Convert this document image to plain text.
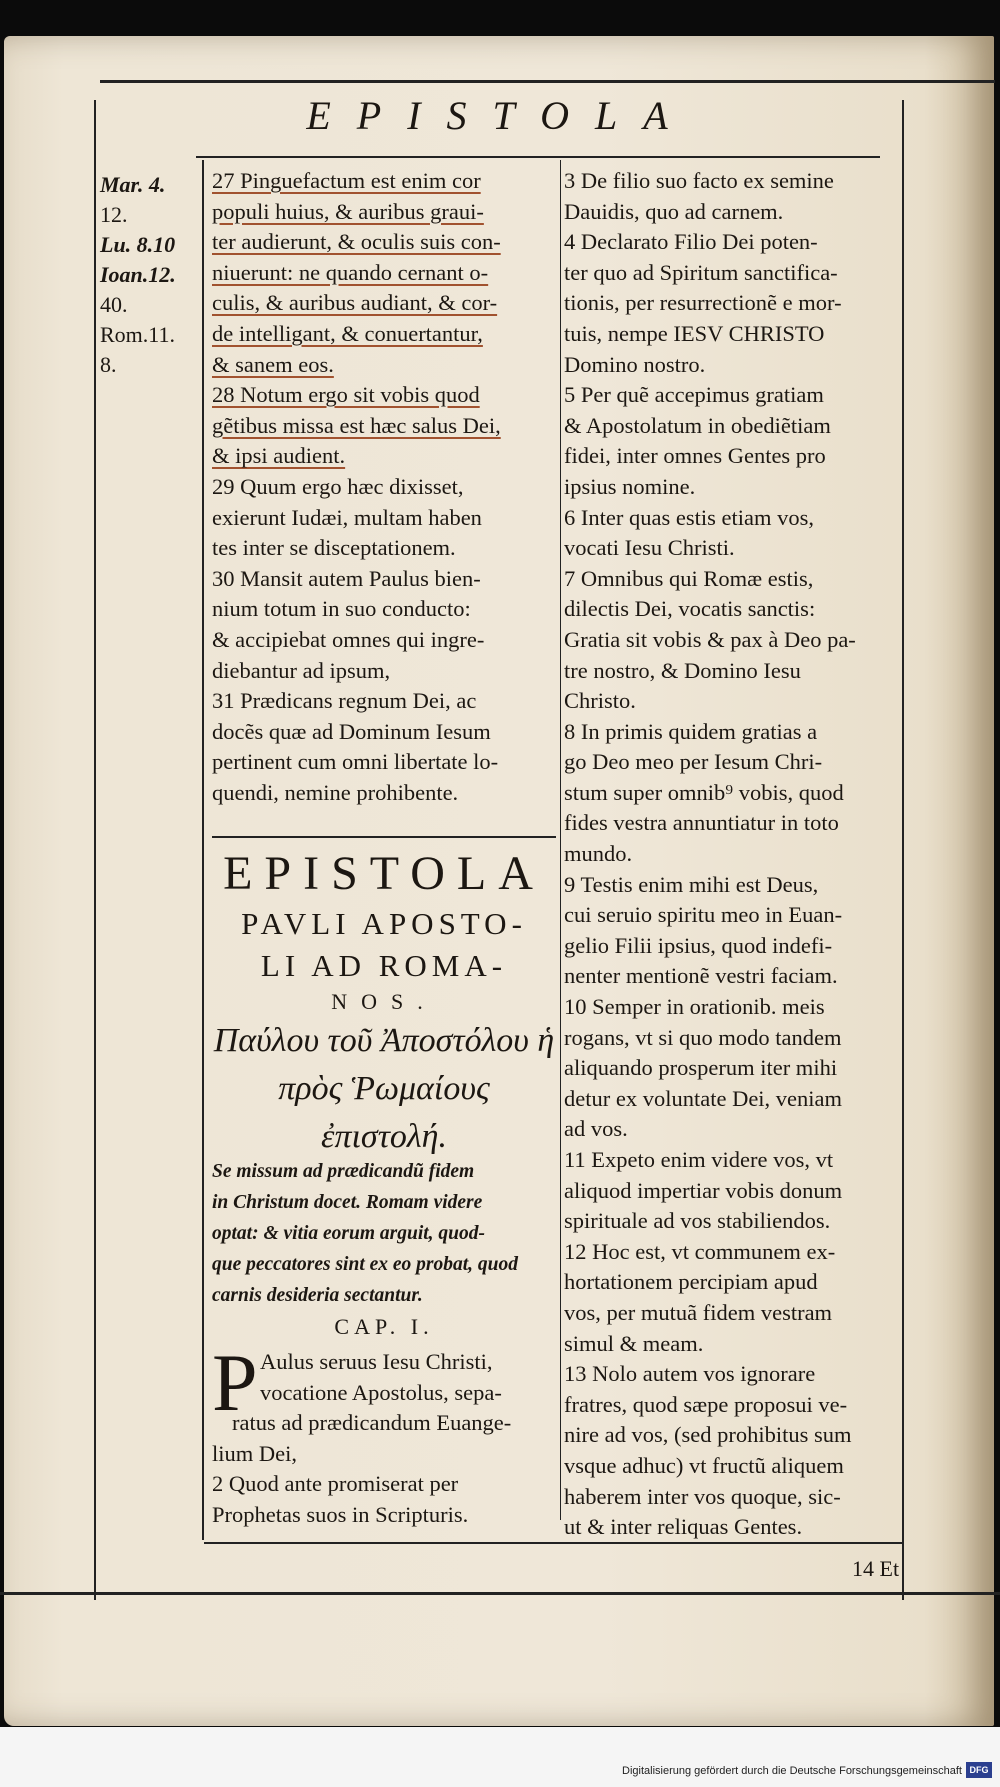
EPISTOLA
Mar. 4.
12.
Lu. 8.10
Ioan.12.
40.
Rom.11.
8.
27 Pinguefactum est enim cor
populi huius, & auribus graui-
ter audierunt, & oculis suis con-
niuerunt: ne quando cernant o-
culis, & auribus audiant, & cor-
de intelligant, & conuertantur,
& sanem eos.
28 Notum ergo sit vobis quod
gẽtibus missa est hæc salus Dei,
& ipsi audient.
29 Quum ergo hæc dixisset,
exierunt Iudæi, multam haben
tes inter se disceptationem.
30 Mansit autem Paulus bien-
nium totum in suo conducto:
& accipiebat omnes qui ingre-
diebantur ad ipsum,
31 Prædicans regnum Dei, ac
docẽs quæ ad Dominum Iesum
pertinent cum omni libertate lo-
quendi, nemine prohibente.
EPISTOLA
PAVLI APOSTO-
LI AD ROMA-
NOS.
Παύλου τοῦ Ἀποστόλου ἡ
πρὸς Ῥωμαίους
ἐπιστολή.
Se missum ad prædicandũ fidem
in Christum docet. Romam videre
optat: & vitia eorum arguit, quod-
que peccatores sint ex eo probat, quod
carnis desideria sectantur.
CAP. I.
P Aulus seruus Iesu Christi,
vocatione Apostolus, sepa-
ratus ad prædicandum Euange-
lium Dei,
2 Quod ante promiserat per
Prophetas suos in Scripturis.
3 De filio suo facto ex semine
Dauidis, quo ad carnem.
4 Declarato Filio Dei poten-
ter quo ad Spiritum sanctifica-
tionis, per resurrectionẽ e mor-
tuis, nempe IESV CHRISTO
Domino nostro.
5 Per quẽ accepimus gratiam
& Apostolatum in obediẽtiam
fidei, inter omnes Gentes pro
ipsius nomine.
6 Inter quas estis etiam vos,
vocati Iesu Christi.
7 Omnibus qui Romæ estis,
dilectis Dei, vocatis sanctis:
Gratia sit vobis & pax à Deo pa-
tre nostro, & Domino Iesu
Christo.
8 In primis quidem gratias a
go Deo meo per Iesum Chri-
stum super omnib⁹ vobis, quod
fides vestra annuntiatur in toto
mundo.
9 Testis enim mihi est Deus,
cui seruio spiritu meo in Euan-
gelio Filii ipsius, quod indefi-
nenter mentionẽ vestri faciam.
10 Semper in orationib. meis
rogans, vt si quo modo tandem
aliquando prosperum iter mihi
detur ex voluntate Dei, veniam
ad vos.
11 Expeto enim videre vos, vt
aliquod impertiar vobis donum
spirituale ad vos stabiliendos.
12 Hoc est, vt communem ex-
hortationem percipiam apud
vos, per mutuã fidem vestram
simul & meam.
13 Nolo autem vos ignorare
fratres, quod sæpe proposui ve-
nire ad vos, (sed prohibitus sum
vsque adhuc) vt fructũ aliquem
haberem inter vos quoque, sic-
ut & inter reliquas Gentes.
14 Et
Digitalisierung gefördert durch die Deutsche Forschungsgemeinschaft DFG
